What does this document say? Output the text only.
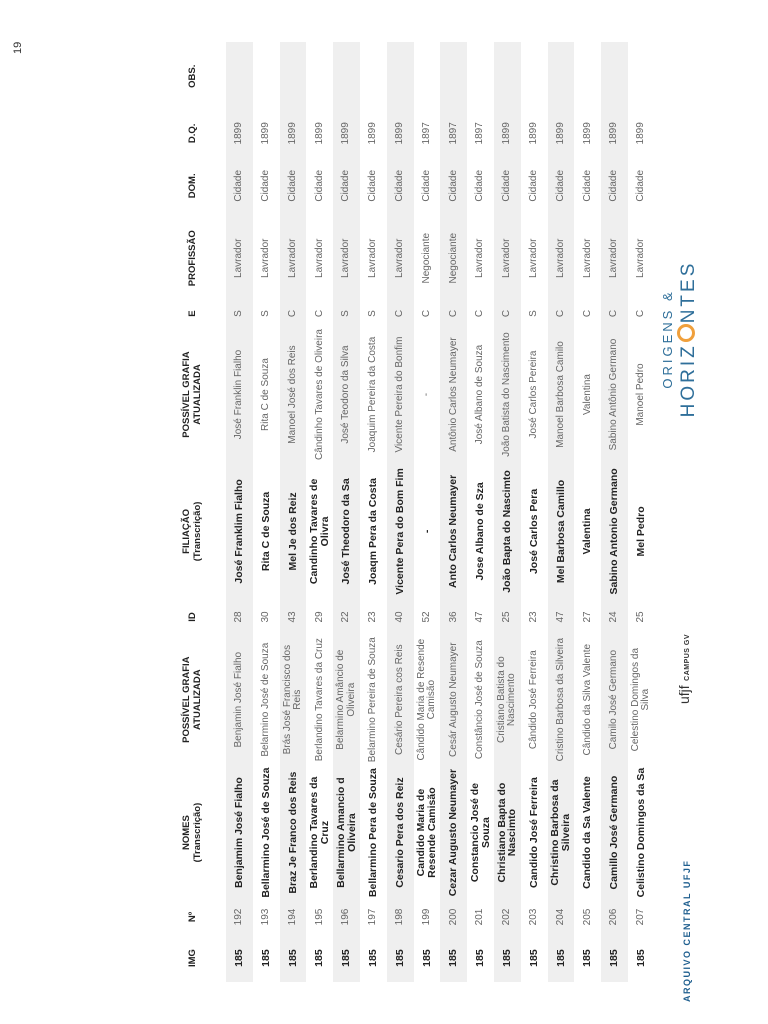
19
IMG	Nº	NOMES
(Transcrição)	POSSÍVEL GRAFIA
ATUALIZADA	ID	FILIAÇÃO
(Transcrição)	POSSÍVEL GRAFIA
ATUALIZADA	E	PROFISSÃO	DOM.	D.Q.	OBS.
185	192	Benjamim José Fialho	Benjamin José Fialho	28	José Franklim Fialho	José Franklin Fialho	S	Lavrador	Cidade	1899	
185	193	Bellarmino José de Souza	Belarmino José de Souza	30	Rita C de Souza	Rita C de Souza	S	Lavrador	Cidade	1899	
185	194	Braz Je Franco dos Reis	Brás José Francisco dos Reis	43	Mel Je dos Reiz	Manoel José dos Reis	C	Lavrador	Cidade	1899	
185	195	Berlandino Tavares da Cruz	Berlandino Tavares da Cruz	29	Candinho Tavares de Olivra	Cândinho Tavares de Oliveira	C	Lavrador	Cidade	1899	
185	196	Bellarmino Amancio d Oliveira	Belarmino Amâncio de Oliveira	22	José Theodoro da Sa	José Teodoro da Silva	S	Lavrador	Cidade	1899	
185	197	Bellarmino Pera de Souza	Belarmino Pereira de Souza	23	Joaqm Pera da Costa	Joaquim Pereira da Costa	S	Lavrador	Cidade	1899	
185	198	Cesario Pera dos Reiz	Cesário Pereira cos Reis	40	Vicente Pera do Bom Fim	Vicente Pereira do Bonfim	C	Lavrador	Cidade	1899	
185	199	Candido Maria de Resende Camisão	Cândido Maria de Resende Camisão	52	-	-	C	Negociante	Cidade	1897	
185	200	Cezar Augusto Neumayer	Cesár Augusto Neumayer	36	Anto Carlos Neumayer	Antônio Carlos Neumayer	C	Negociante	Cidade	1897	
185	201	Constancio José de Souza	Constâncio José de Souza	47	Jose Albano de Sza	José Albano de Souza	C	Lavrador	Cidade	1897	
185	202	Christiano Bapta do Nascimto	Cristiano Batista do Nascimento	25	João Bapta do Nascimto	João Batista do Nascimento	C	Lavrador	Cidade	1899	
185	203	Candido José Ferreira	Cândido José Ferreira	23	José Carlos Pera	José Carlos Pereira	S	Lavrador	Cidade	1899	
185	204	Christino Barbosa da Silveira	Cristino Barbosa da Silveira	47	Mel Barbosa Camillo	Manoel Barbosa Camilo	C	Lavrador	Cidade	1899	
185	205	Candido da Sa Valente	Cândido da Silva Valente	27	Valentina	Valentina	C	Lavrador	Cidade	1899	
185	206	Camillo José Germano	Camilo José Germano	24	Sabino Antonio Germano	Sabino Antônio Germano	C	Lavrador	Cidade	1899	
185	207	Celistino Domingos da Sa	Celestino Domingos da Silva	25	Mel Pedro	Manoel Pedro	C	Lavrador	Cidade	1899	
ORIGENS & HORIZNTES
ARQUIVO CENTRAL UFJF
ufjf CAMPUS GV
